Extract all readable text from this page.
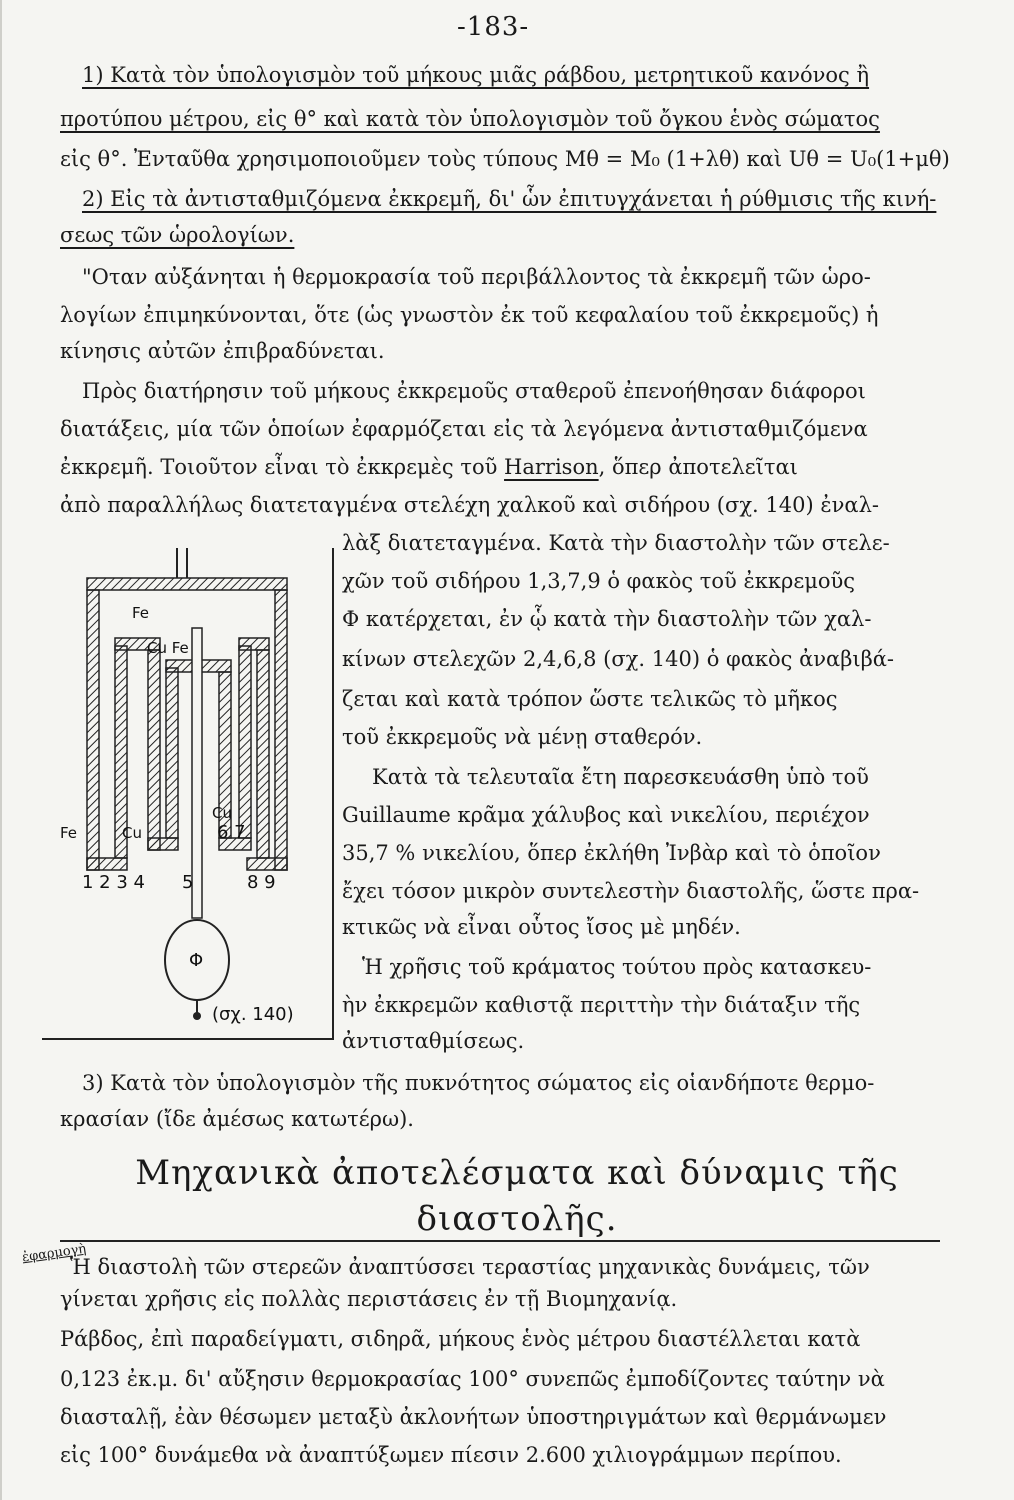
-183-
1) Κατὰ τὸν ὑπολογισμὸν τοῦ μήκους μιᾶς ράβδου, μετρητικοῦ κανόνος ἢ
προτύπου μέτρου, εἰς θ° καὶ κατὰ τὸν ὑπολογισμὸν τοῦ ὄγκου ἑνὸς σώματος
εἰς θ°. Ἐνταῦθα χρησιμοποιοῦμεν τοὺς τύπους Mθ = M₀ (1+λθ) καὶ Uθ = U₀(1+μθ)
2) Εἰς τὰ ἀντισταθμιζόμενα ἐκκρεμῆ, δι' ὧν ἐπιτυγχάνεται ἡ ρύθμισις τῆς κινή-
σεως τῶν ὡρολογίων.
"Οταν αὐξάνηται ἡ θερμοκρασία τοῦ περιβάλλοντος τὰ ἐκκρεμῆ τῶν ὡρο-
λογίων ἐπιμηκύνονται, ὅτε (ὡς γνωστὸν ἐκ τοῦ κεφαλαίου τοῦ ἐκκρεμοῦς) ἡ
κίνησις αὐτῶν ἐπιβραδύνεται.
Πρὸς διατήρησιν τοῦ μήκους ἐκκρεμοῦς σταθεροῦ ἐπενοήθησαν διάφοροι
διατάξεις, μία τῶν ὁποίων ἐφαρμόζεται εἰς τὰ λεγόμενα ἀντισταθμιζόμενα
ἐκκρεμῆ. Τοιοῦτον εἶναι τὸ ἐκκρεμὲς τοῦ Harrison, ὅπερ ἀποτελεῖται
ἀπὸ παραλλήλως διατεταγμένα στελέχη χαλκοῦ καὶ σιδήρου (σχ. 140) ἐναλ-
λὰξ διατεταγμένα. Κατὰ τὴν διαστολὴν τῶν στελε-
χῶν τοῦ σιδήρου 1,3,7,9 ὁ φακὸς τοῦ ἐκκρεμοῦς
Φ κατέρχεται, ἐν ᾧ κατὰ τὴν διαστολὴν τῶν χαλ-
κίνων στελεχῶν 2,4,6,8 (σχ. 140) ὁ φακὸς ἀναβιβά-
ζεται καὶ κατὰ τρόπον ὥστε τελικῶς τὸ μῆκος
τοῦ ἐκκρεμοῦς νὰ μένῃ σταθερόν.
Κατὰ τὰ τελευταῖα ἔτη παρεσκευάσθη ὑπὸ τοῦ
Guillaume κρᾶμα χάλυβος καὶ νικελίου, περιέχον
35,7 % νικελίου, ὅπερ ἐκλήθη Ἰνβὰρ καὶ τὸ ὁποῖον
ἔχει τόσον μικρὸν συντελεστὴν διαστολῆς, ὥστε πρα-
κτικῶς νὰ εἶναι οὗτος ἴσος μὲ μηδέν.
Ἡ χρῆσις τοῦ κράματος τούτου πρὸς κατασκευ-
ὴν ἐκκρεμῶν καθιστᾷ περιττὴν τὴν διάταξιν τῆς
ἀντισταθμίσεως.
Fe
Cu Fe
Fe	Cu
Cu
1 2 3 4 5
6 7
8 9
Φ
(σχ. 140)
3) Κατὰ τὸν ὑπολογισμὸν τῆς πυκνότητος σώματος εἰς οἱανδήποτε θερμο-
κρασίαν (ἴδε ἀμέσως κατωτέρω).
Μηχανικὰ ἀποτελέσματα καὶ δύναμις τῆς
διαστολῆς.
ἐφαρμογὴ
Ἡ διαστολὴ τῶν στερεῶν ἀναπτύσσει τεραστίας μηχανικὰς δυνάμεις, τῶν
γίνεται χρῆσις εἰς πολλὰς περιστάσεις ἐν τῇ Βιομηχανίᾳ.
Ράβδος, ἐπὶ παραδείγματι, σιδηρᾶ, μήκους ἑνὸς μέτρου διαστέλλεται κατὰ
0,123 ἐκ.μ. δι' αὔξησιν θερμοκρασίας 100° συνεπῶς ἐμποδίζοντες ταύτην νὰ
διασταλῇ, ἐὰν θέσωμεν μεταξὺ ἀκλονήτων ὑποστηριγμάτων καὶ θερμάνωμεν
εἰς 100° δυνάμεθα νὰ ἀναπτύξωμεν πίεσιν 2.600 χιλιογράμμων περίπου.
